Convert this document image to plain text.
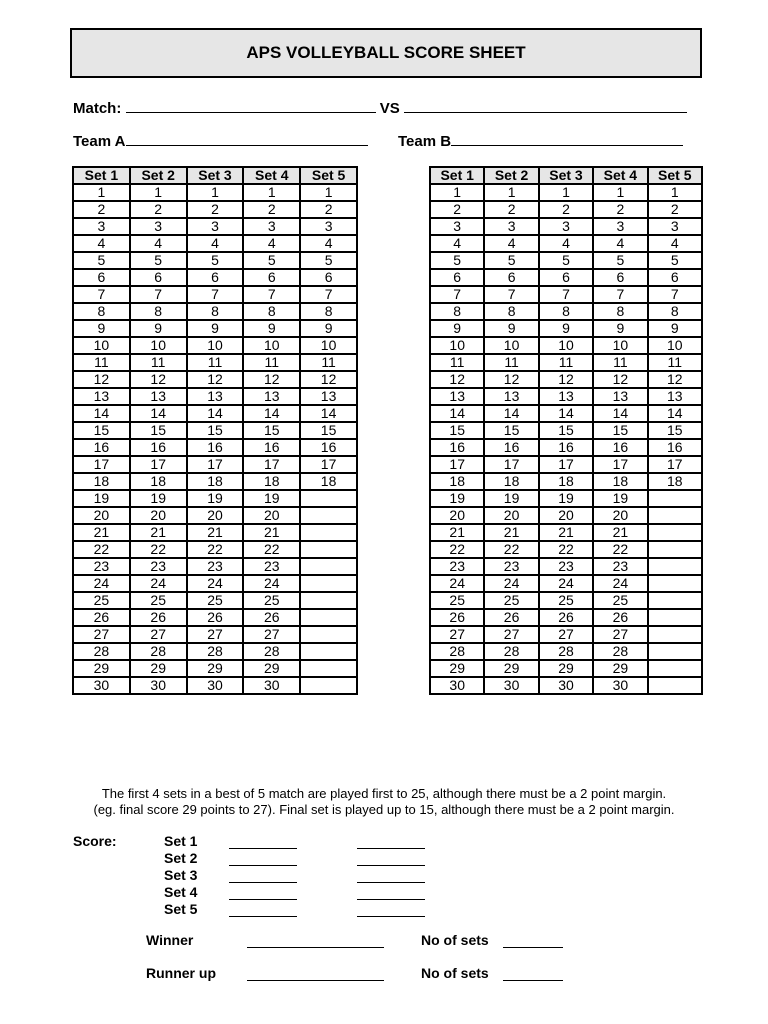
APS VOLLEYBALL SCORE SHEET
Match:	VS
Team A	Team B
Set 1	Set 2	Set 3	Set 4	Set 5
1	1	1	1	1
2	2	2	2	2
3	3	3	3	3
4	4	4	4	4
5	5	5	5	5
6	6	6	6	6
7	7	7	7	7
8	8	8	8	8
9	9	9	9	9
10	10	10	10	10
11	11	11	11	11
12	12	12	12	12
13	13	13	13	13
14	14	14	14	14
15	15	15	15	15
16	16	16	16	16
17	17	17	17	17
18	18	18	18	18
19	19	19	19	
20	20	20	20	
21	21	21	21	
22	22	22	22	
23	23	23	23	
24	24	24	24	
25	25	25	25	
26	26	26	26	
27	27	27	27	
28	28	28	28	
29	29	29	29	
30	30	30	30	
Set 1	Set 2	Set 3	Set 4	Set 5
1	1	1	1	1
2	2	2	2	2
3	3	3	3	3
4	4	4	4	4
5	5	5	5	5
6	6	6	6	6
7	7	7	7	7
8	8	8	8	8
9	9	9	9	9
10	10	10	10	10
11	11	11	11	11
12	12	12	12	12
13	13	13	13	13
14	14	14	14	14
15	15	15	15	15
16	16	16	16	16
17	17	17	17	17
18	18	18	18	18
19	19	19	19	
20	20	20	20	
21	21	21	21	
22	22	22	22	
23	23	23	23	
24	24	24	24	
25	25	25	25	
26	26	26	26	
27	27	27	27	
28	28	28	28	
29	29	29	29	
30	30	30	30	
The first 4 sets in a best of 5 match are played first to 25, although there must be a 2 point margin.
(eg. final score 29 points to 27). Final set is played up to 15, although there must be a 2 point margin.
Score:	Set 1
Set 2
Set 3
Set 4
Set 5
Winner	No of sets
Runner up	No of sets
